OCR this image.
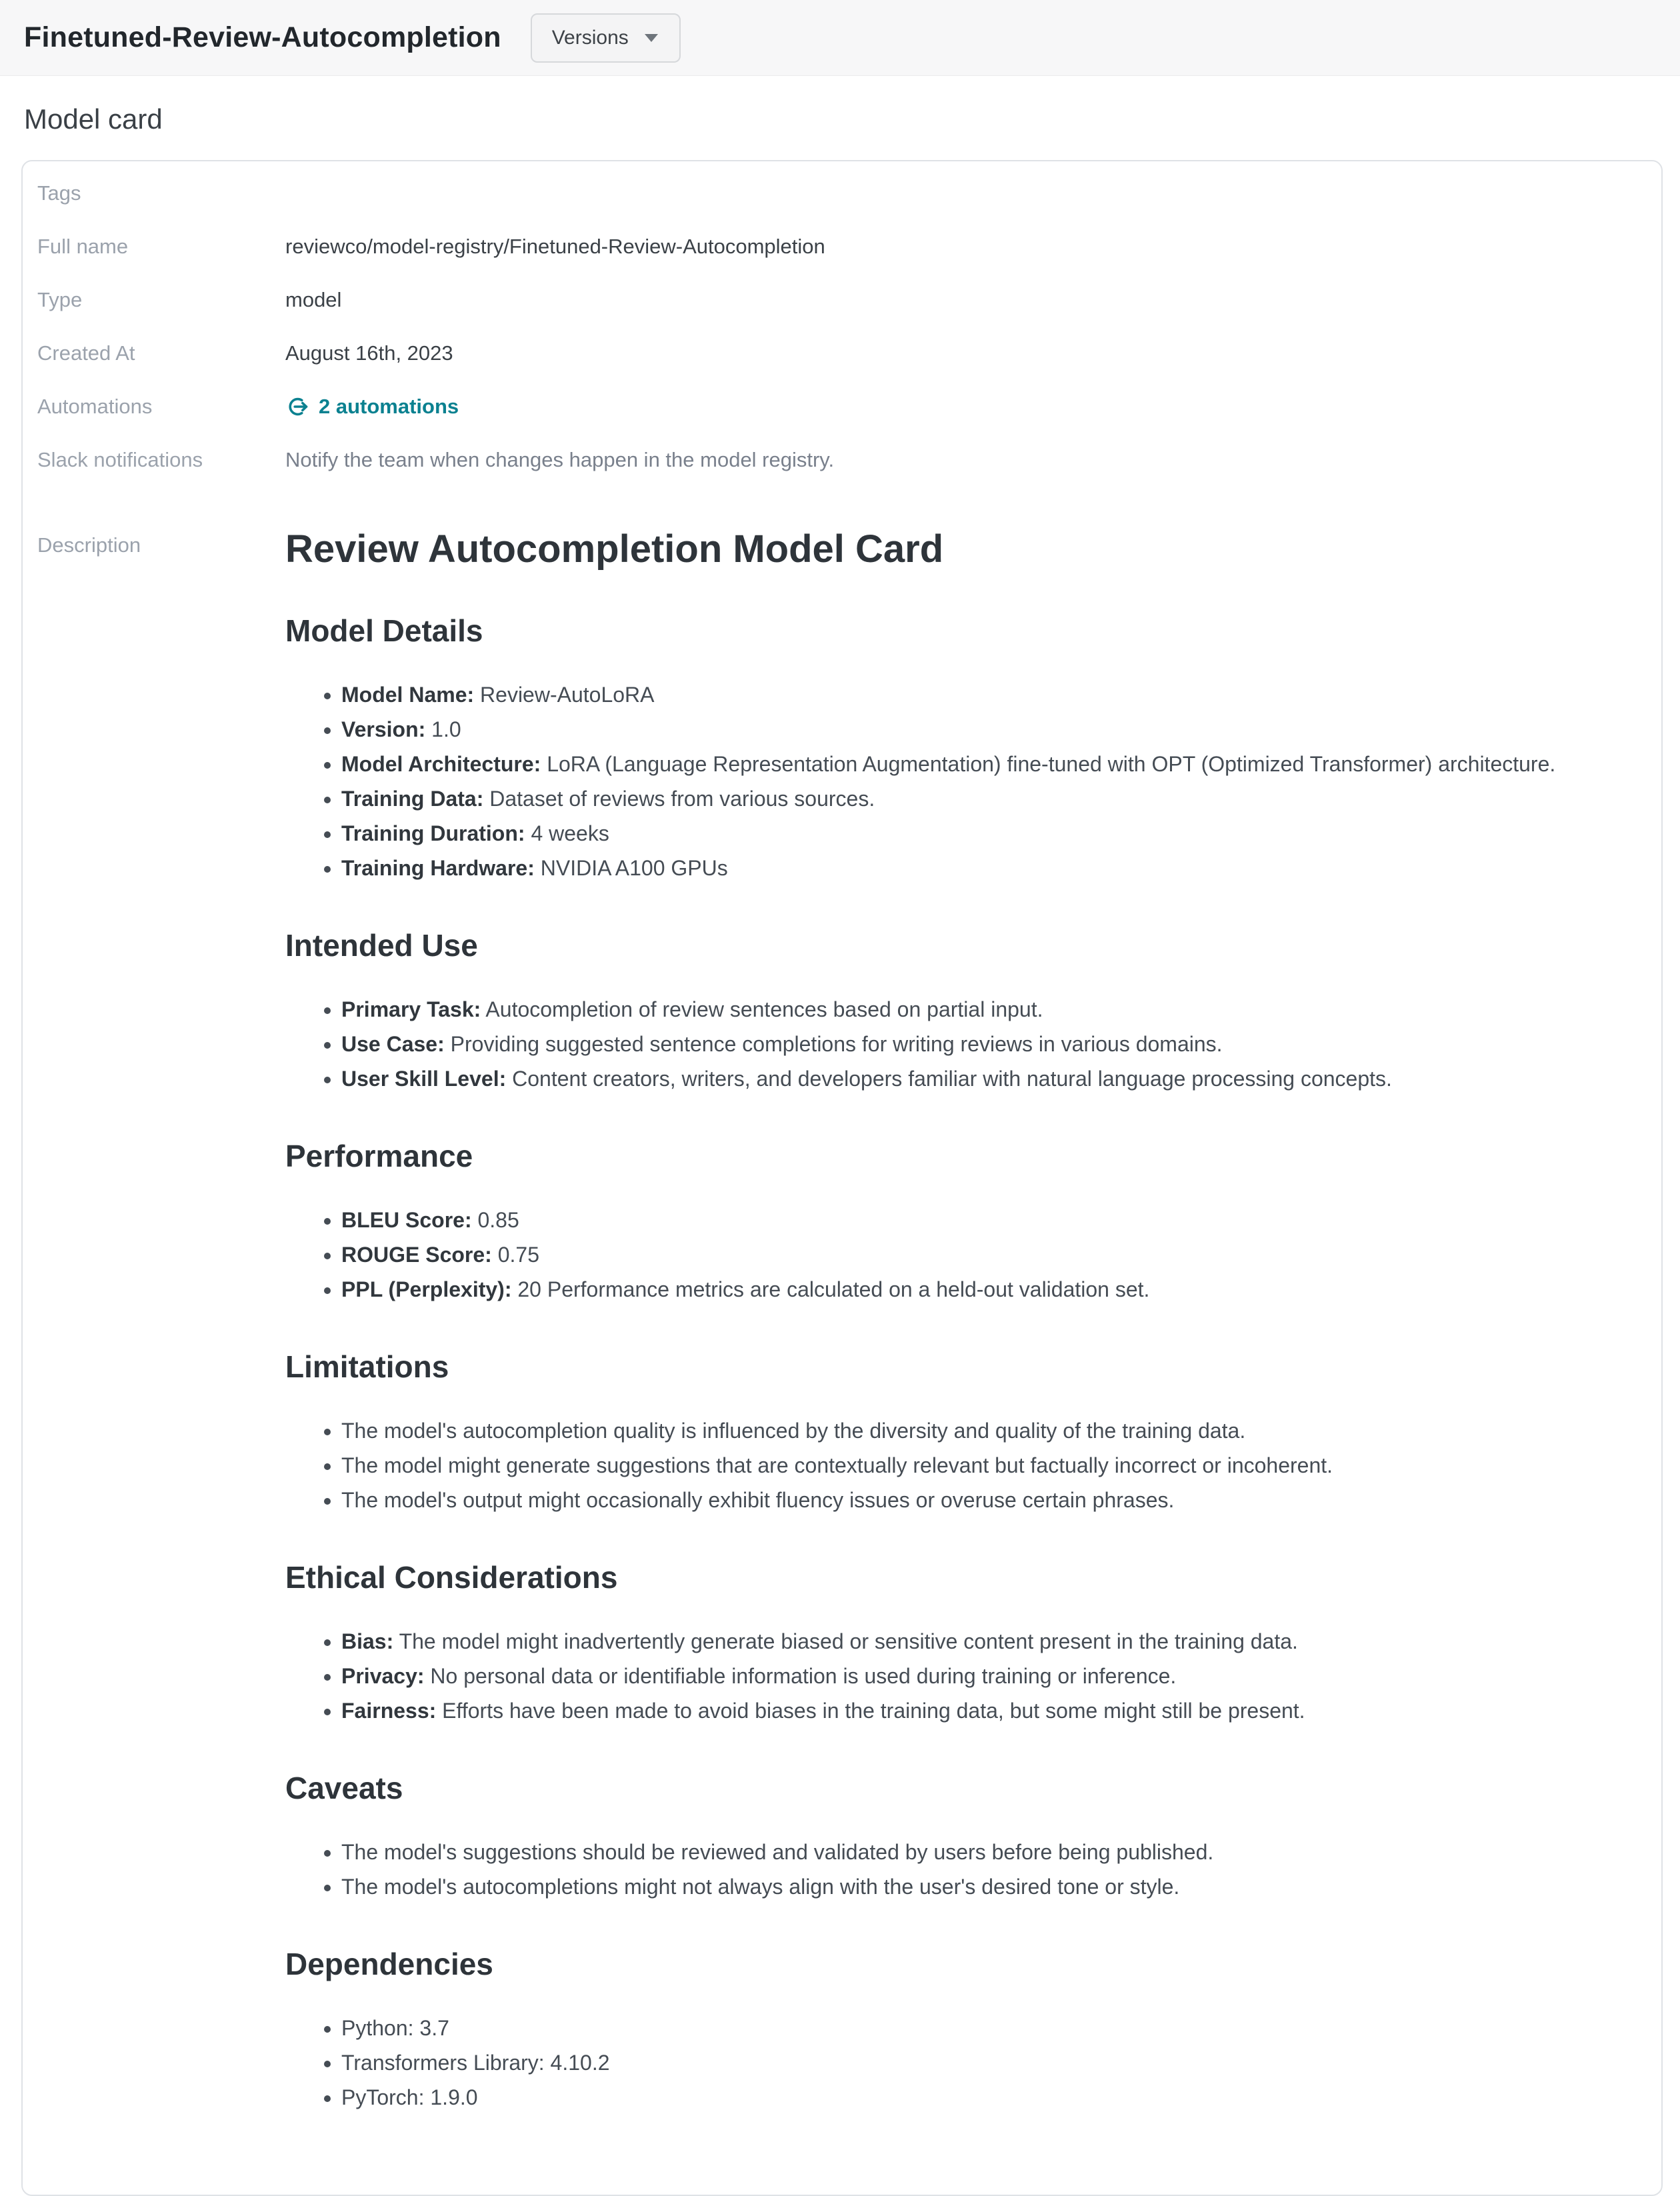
Finetuned-Review-Autocompletion	Versions
Model card
Tags
Full name	reviewco/model-registry/Finetuned-Review-Autocompletion
Type	model
Created At	August 16th, 2023
Automations	2 automations
Slack notifications	Notify the team when changes happen in the model registry.
Description	Review Autocompletion Model Card
Model Details
• Model Name: Review-AutoLoRA
• Version: 1.0
• Model Architecture: LoRA (Language Representation Augmentation) fine-tuned with OPT (Optimized Transformer) architecture.
• Training Data: Dataset of reviews from various sources.
• Training Duration: 4 weeks
• Training Hardware: NVIDIA A100 GPUs
Intended Use
• Primary Task: Autocompletion of review sentences based on partial input.
• Use Case: Providing suggested sentence completions for writing reviews in various domains.
• User Skill Level: Content creators, writers, and developers familiar with natural language processing concepts.
Performance
• BLEU Score: 0.85
• ROUGE Score: 0.75
• PPL (Perplexity): 20 Performance metrics are calculated on a held-out validation set.
Limitations
• The model's autocompletion quality is influenced by the diversity and quality of the training data.
• The model might generate suggestions that are contextually relevant but factually incorrect or incoherent.
• The model's output might occasionally exhibit fluency issues or overuse certain phrases.
Ethical Considerations
• Bias: The model might inadvertently generate biased or sensitive content present in the training data.
• Privacy: No personal data or identifiable information is used during training or inference.
• Fairness: Efforts have been made to avoid biases in the training data, but some might still be present.
Caveats
• The model's suggestions should be reviewed and validated by users before being published.
• The model's autocompletions might not always align with the user's desired tone or style.
Dependencies
• Python: 3.7
• Transformers Library: 4.10.2
• PyTorch: 1.9.0
